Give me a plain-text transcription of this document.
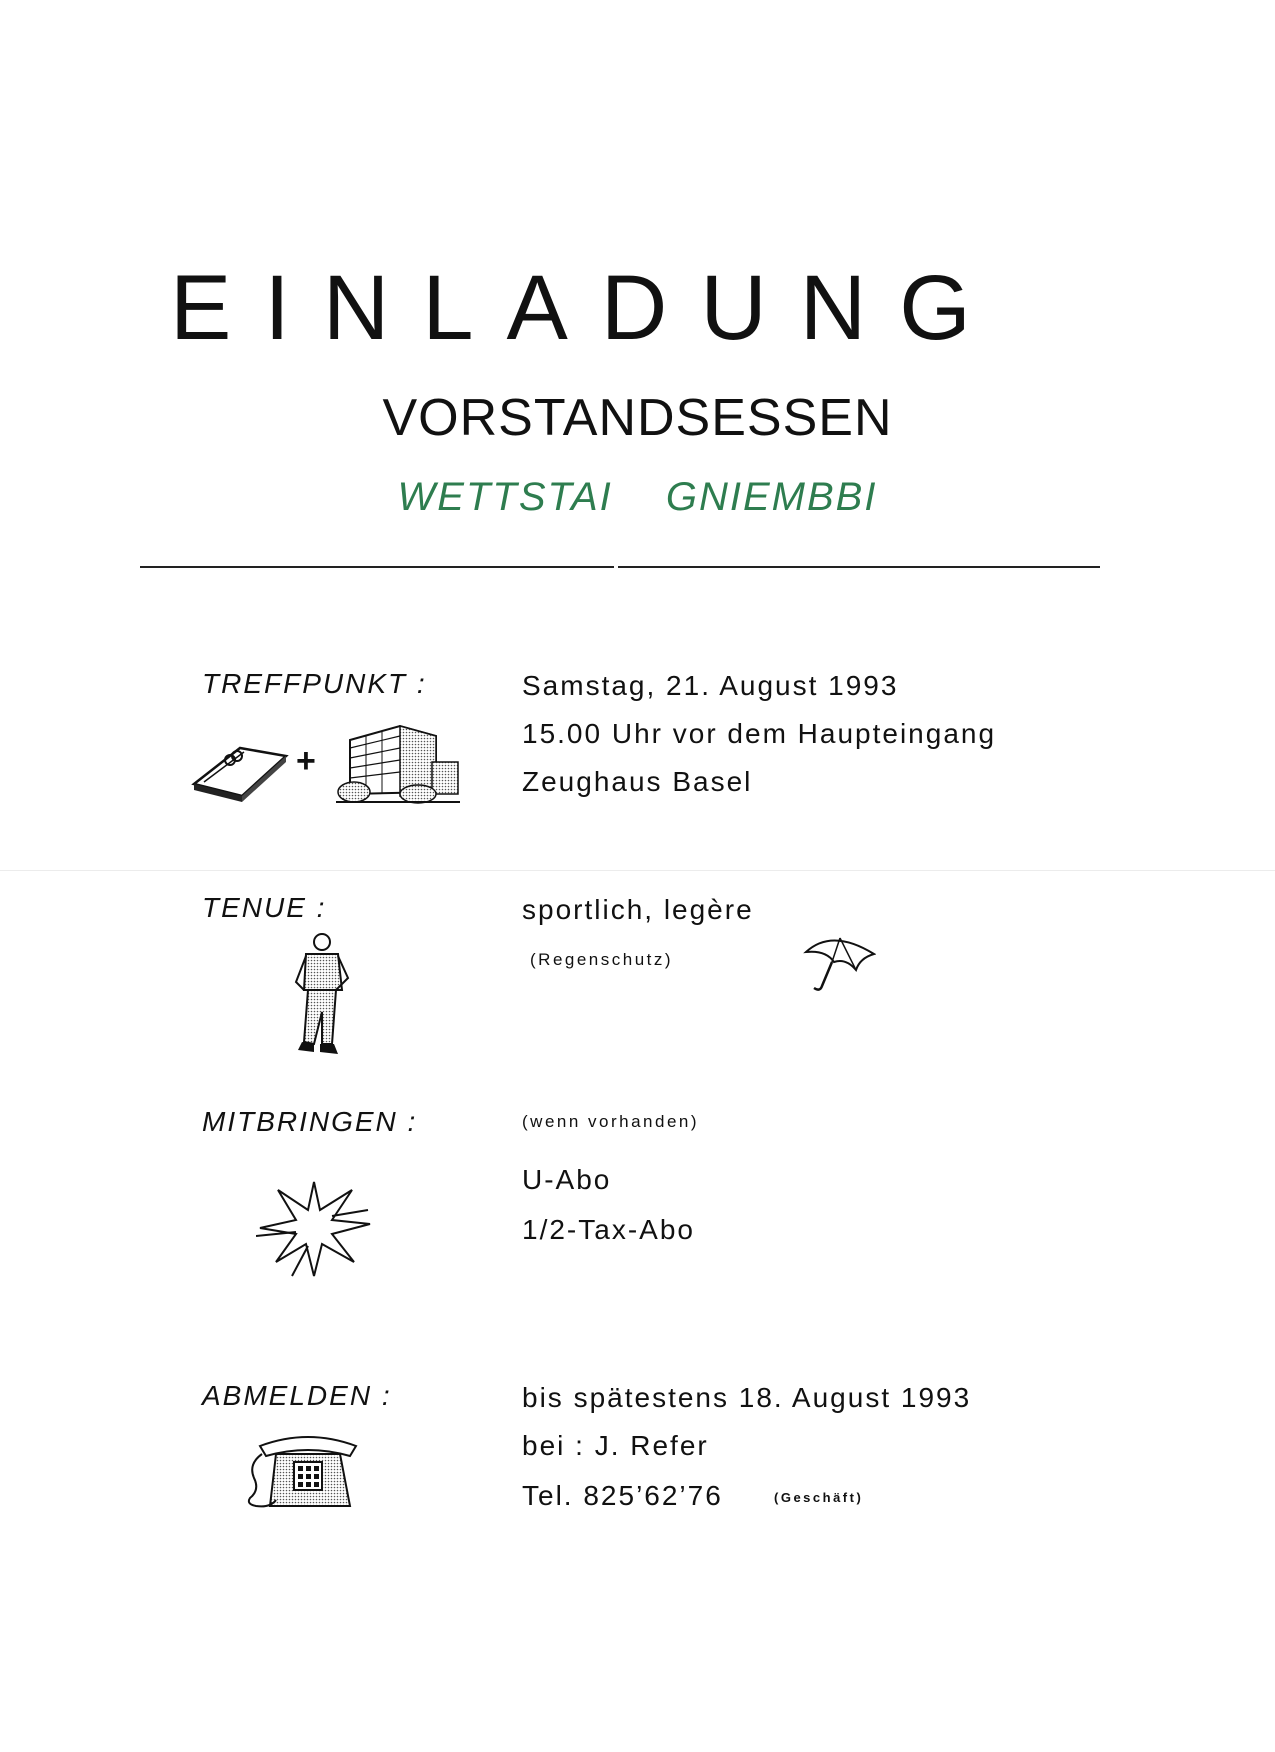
EINLADUNG
VORSTANDSESSEN
WETTSTAI GNIEMBBI
TREFFPUNKT :	Samstag, 21. August 1993
15.00 Uhr vor dem Haupteingang
Zeughaus Basel
+
TENUE :	sportlich, legère
(Regenschutz)
MITBRINGEN :	(wenn vorhanden)
U-Abo
1/2-Tax-Abo
ABMELDEN :	bis spätestens 18. August 1993
bei : J. Refer
Tel. 825’62’76	(Geschäft)
